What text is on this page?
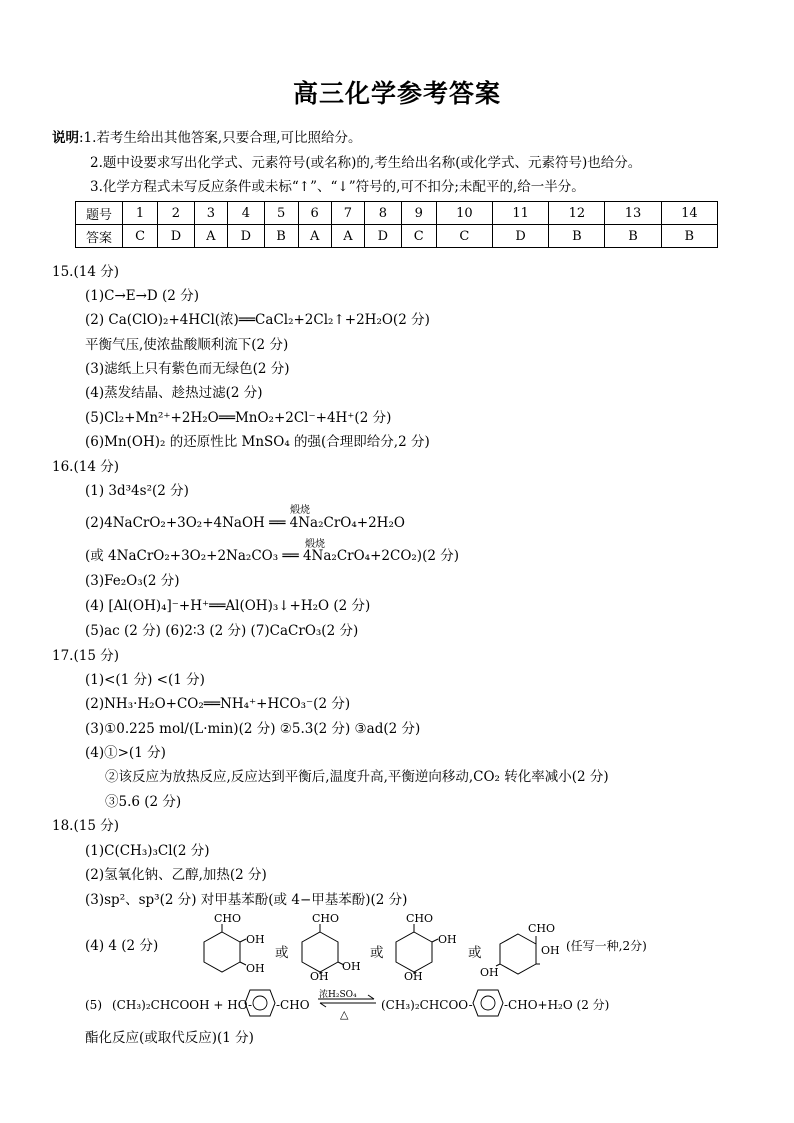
高三化学参考答案
说明:1.若考生给出其他答案,只要合理,可比照给分。
2.题中设要求写出化学式、元素符号(或名称)的,考生给出名称(或化学式、元素符号)也给分。
3.化学方程式未写反应条件或未标“↑”、“↓”符号的,可不扣分;未配平的,给一半分。
题号	1	2	3	4	5	6	7	8	9	10	11	12	13	14
答案	C	D	A	D	B	A	A	D	C	C	D	B	B	B
15.(14 分)
(1)C→E→D (2 分)
(2) Ca(ClO)₂+4HCl(浓)══CaCl₂+2Cl₂↑+2H₂O(2 分)
平衡气压,使浓盐酸顺利流下(2 分)
(3)滤纸上只有紫色而无绿色(2 分)
(4)蒸发结晶、趁热过滤(2 分)
(5)Cl₂+Mn²⁺+2H₂O══MnO₂+2Cl⁻+4H⁺(2 分)
(6)Mn(OH)₂ 的还原性比 MnSO₄ 的强(合理即给分,2 分)
16.(14 分)
(1) 3d³4s²(2 分)
(2)4NaCrO₂+3O₂+4NaOH ══ 4Na₂CrO₄+2H₂O
煅烧
(或 4NaCrO₂+3O₂+2Na₂CO₃ ══ 4Na₂CrO₄+2CO₂)(2 分)
煅烧
(3)Fe₂O₃(2 分)
(4) [Al(OH)₄]⁻+H⁺══Al(OH)₃↓+H₂O (2 分)
(5)ac (2 分) (6)2∶3 (2 分) (7)CaCrO₃(2 分)
17.(15 分)
(1)<(1 分) <(1 分)
(2)NH₃·H₂O+CO₂══NH₄⁺+HCO₃⁻(2 分)
(3)①0.225 mol/(L·min)(2 分) ②5.3(2 分) ③ad(2 分)
(4)①>(1 分)
②该反应为放热反应,反应达到平衡后,温度升高,平衡逆向移动,CO₂ 转化率减小(2 分)
③5.6 (2 分)
18.(15 分)
(1)C(CH₃)₃Cl(2 分)
(2)氢氧化钠、乙醇,加热(2 分)
(3)sp²、sp³(2 分) 对甲基苯酚(或 4−甲基苯酚)(2 分)
(4) 4 (2 分)
CHO
OH
OH
或
CHO
OH
OH
或
CHO
OH
OH
或
CHO
OH
OH
(任写一种,2分)
(5) (CH₃)₂CHCOOH + HO- -CHO
浓H₂SO₄
△
(CH₃)₂CHCOO-	-CHO+H₂O (2 分)
酯化反应(或取代反应)(1 分)
